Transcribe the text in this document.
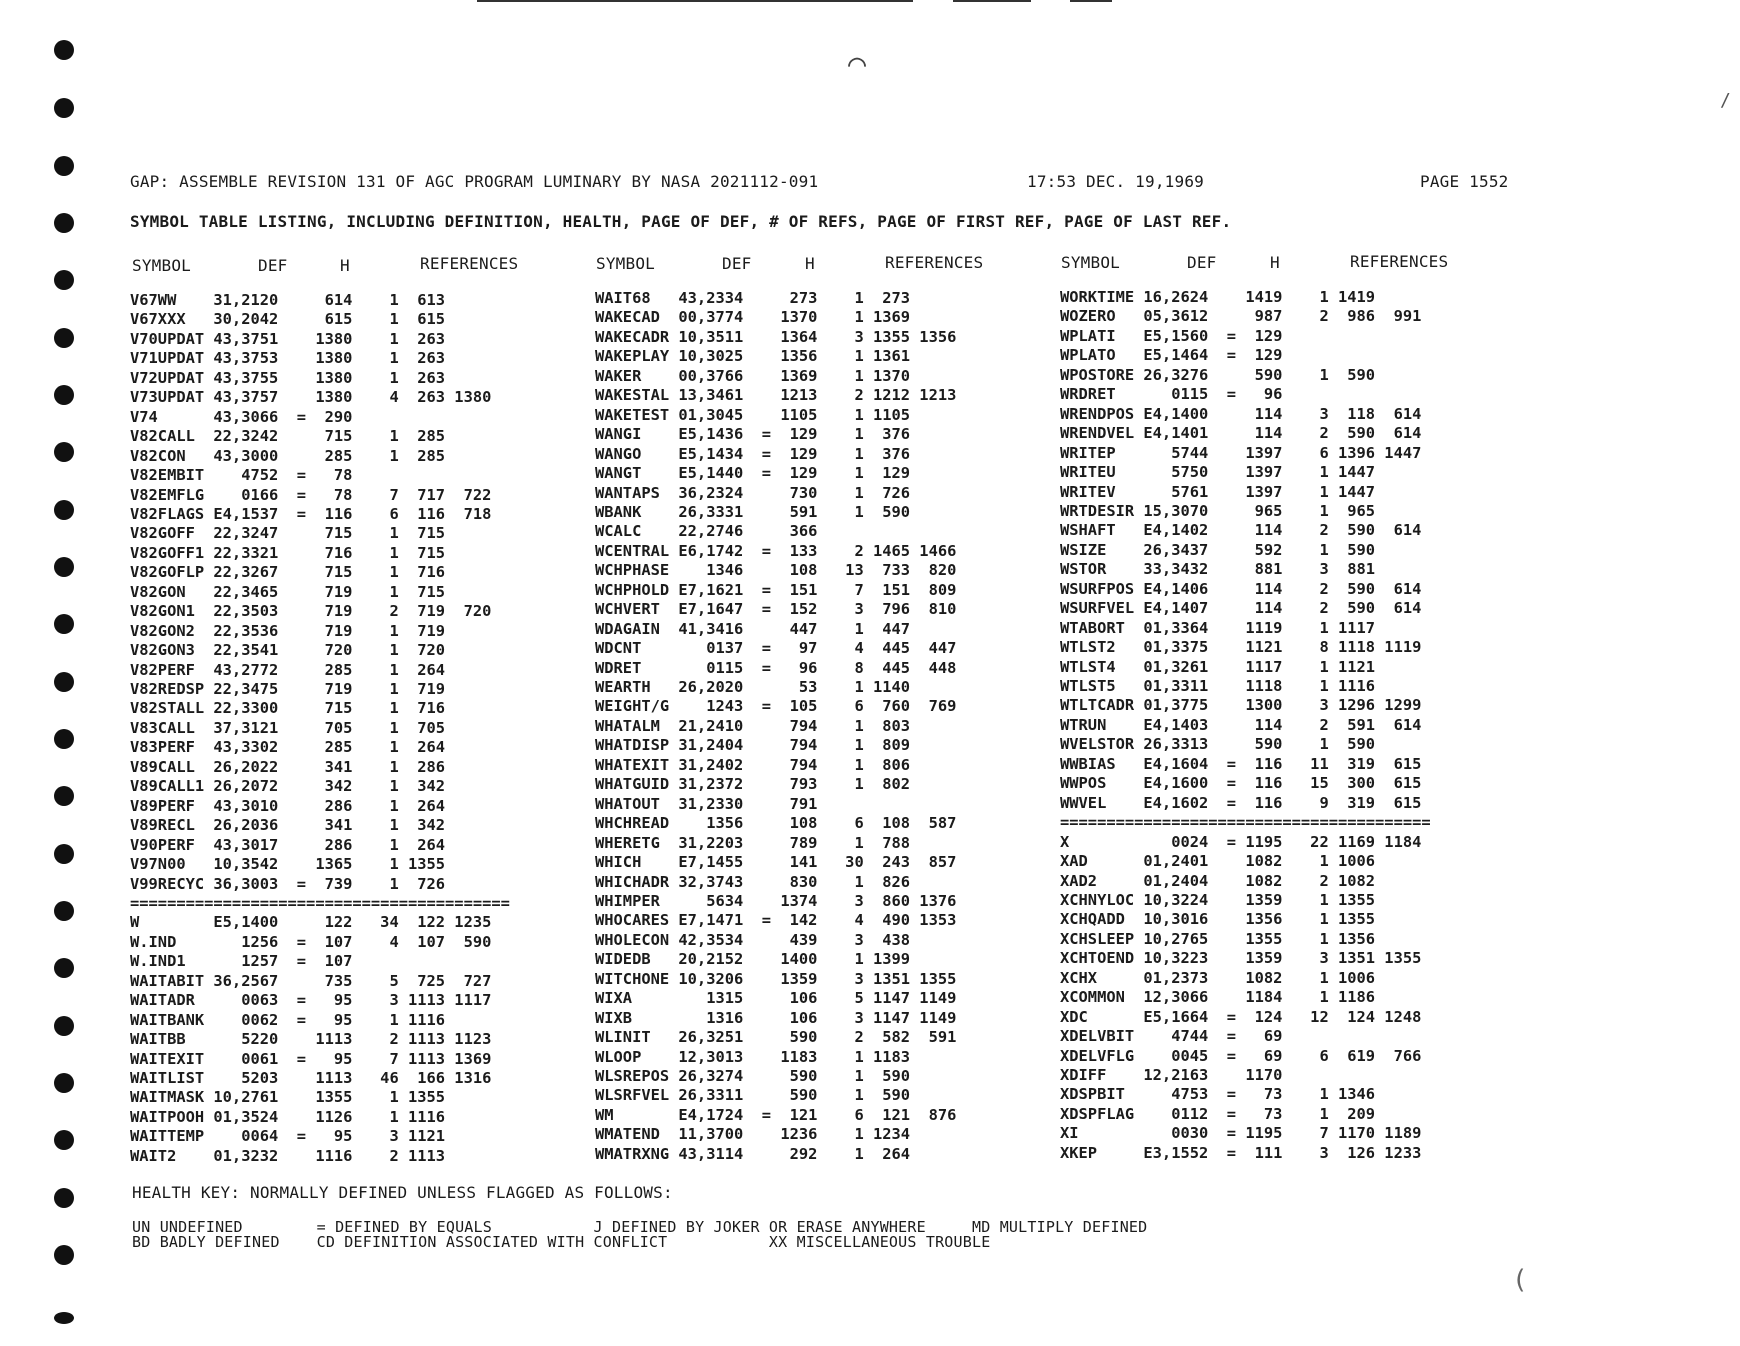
GAP: ASSEMBLE REVISION 131 OF AGC PROGRAM LUMINARY BY NASA 2021112-091	17:53 DEC. 19,1969	PAGE 1552
SYMBOL TABLE LISTING, INCLUDING DEFINITION, HEALTH, PAGE OF DEF, # OF REFS, PAGE OF FIRST REF, PAGE OF LAST REF.
SYMBOL	DEF	H	REFERENCES	SYMBOL	DEF	H	REFERENCES	SYMBOL	DEF	H	REFERENCES
V67WW    31,2120     614    1  613
V67XXX   30,2042     615    1  615
V70UPDAT 43,3751    1380    1  263
V71UPDAT 43,3753    1380    1  263
V72UPDAT 43,3755    1380    1  263
V73UPDAT 43,3757    1380    4  263 1380
V74      43,3066  =  290
V82CALL  22,3242     715    1  285
V82CON   43,3000     285    1  285
V82EMBIT    4752  =   78
V82EMFLG    0166  =   78    7  717  722
V82FLAGS E4,1537  =  116    6  116  718
V82GOFF  22,3247     715    1  715
V82GOFF1 22,3321     716    1  715
V82GOFLP 22,3267     715    1  716
V82GON   22,3465     719    1  715
V82GON1  22,3503     719    2  719  720
V82GON2  22,3536     719    1  719
V82GON3  22,3541     720    1  720
V82PERF  43,2772     285    1  264
V82REDSP 22,3475     719    1  719
V82STALL 22,3300     715    1  716
V83CALL  37,3121     705    1  705
V83PERF  43,3302     285    1  264
V89CALL  26,2022     341    1  286
V89CALL1 26,2072     342    1  342
V89PERF  43,3010     286    1  264
V89RECL  26,2036     341    1  342
V90PERF  43,3017     286    1  264
V97N00   10,3542    1365    1 1355
V99RECYC 36,3003  =  739    1  726
=========================================
W        E5,1400     122   34  122 1235
W.IND       1256  =  107    4  107  590
W.IND1      1257  =  107
WAITABIT 36,2567     735    5  725  727
WAITADR     0063  =   95    3 1113 1117
WAITBANK    0062  =   95    1 1116
WAITBB      5220    1113    2 1113 1123
WAITEXIT    0061  =   95    7 1113 1369
WAITLIST    5203    1113   46  166 1316
WAITMASK 10,2761    1355    1 1355
WAITPOOH 01,3524    1126    1 1116
WAITTEMP    0064  =   95    3 1121
WAIT2    01,3232    1116    2 1113
WAIT68   43,2334     273    1  273
WAKECAD  00,3774    1370    1 1369
WAKECADR 10,3511    1364    3 1355 1356
WAKEPLAY 10,3025    1356    1 1361
WAKER    00,3766    1369    1 1370
WAKESTAL 13,3461    1213    2 1212 1213
WAKETEST 01,3045    1105    1 1105
WANGI    E5,1436  =  129    1  376
WANGO    E5,1434  =  129    1  376
WANGT    E5,1440  =  129    1  129
WANTAPS  36,2324     730    1  726
WBANK    26,3331     591    1  590
WCALC    22,2746     366
WCENTRAL E6,1742  =  133    2 1465 1466
WCHPHASE    1346     108   13  733  820
WCHPHOLD E7,1621  =  151    7  151  809
WCHVERT  E7,1647  =  152    3  796  810
WDAGAIN  41,3416     447    1  447
WDCNT       0137  =   97    4  445  447
WDRET       0115  =   96    8  445  448
WEARTH   26,2020      53    1 1140
WEIGHT/G    1243  =  105    6  760  769
WHATALM  21,2410     794    1  803
WHATDISP 31,2404     794    1  809
WHATEXIT 31,2402     794    1  806
WHATGUID 31,2372     793    1  802
WHATOUT  31,2330     791
WHCHREAD    1356     108    6  108  587
WHERETG  31,2203     789    1  788
WHICH    E7,1455     141   30  243  857
WHICHADR 32,3743     830    1  826
WHIMPER     5634    1374    3  860 1376
WHOCARES E7,1471  =  142    4  490 1353
WHOLECON 42,3534     439    3  438
WIDEDB   20,2152    1400    1 1399
WITCHONE 10,3206    1359    3 1351 1355
WIXA        1315     106    5 1147 1149
WIXB        1316     106    3 1147 1149
WLINIT   26,3251     590    2  582  591
WLOOP    12,3013    1183    1 1183
WLSREPOS 26,3274     590    1  590
WLSRFVEL 26,3311     590    1  590
WM       E4,1724  =  121    6  121  876
WMATEND  11,3700    1236    1 1234
WMATRXNG 43,3114     292    1  264
WORKTIME 16,2624    1419    1 1419
WOZERO   05,3612     987    2  986  991
WPLATI   E5,1560  =  129
WPLATO   E5,1464  =  129
WPOSTORE 26,3276     590    1  590
WRDRET      0115  =   96
WRENDPOS E4,1400     114    3  118  614
WRENDVEL E4,1401     114    2  590  614
WRITEP      5744    1397    6 1396 1447
WRITEU      5750    1397    1 1447
WRITEV      5761    1397    1 1447
WRTDESIR 15,3070     965    1  965
WSHAFT   E4,1402     114    2  590  614
WSIZE    26,3437     592    1  590
WSTOR    33,3432     881    3  881
WSURFPOS E4,1406     114    2  590  614
WSURFVEL E4,1407     114    2  590  614
WTABORT  01,3364    1119    1 1117
WTLST2   01,3375    1121    8 1118 1119
WTLST4   01,3261    1117    1 1121
WTLST5   01,3311    1118    1 1116
WTLTCADR 01,3775    1300    3 1296 1299
WTRUN    E4,1403     114    2  591  614
WVELSTOR 26,3313     590    1  590
WWBIAS   E4,1604  =  116   11  319  615
WWPOS    E4,1600  =  116   15  300  615
WWVEL    E4,1602  =  116    9  319  615
========================================
X           0024  = 1195   22 1169 1184
XAD      01,2401    1082    1 1006
XAD2     01,2404    1082    2 1082
XCHNYLOC 10,3224    1359    1 1355
XCHQADD  10,3016    1356    1 1355
XCHSLEEP 10,2765    1355    1 1356
XCHTOEND 10,3223    1359    3 1351 1355
XCHX     01,2373    1082    1 1006
XCOMMON  12,3066    1184    1 1186
XDC      E5,1664  =  124   12  124 1248
XDELVBIT    4744  =   69
XDELVFLG    0045  =   69    6  619  766
XDIFF    12,2163    1170
XDSPBIT     4753  =   73    1 1346
XDSPFLAG    0112  =   73    1  209
XI          0030  = 1195    7 1170 1189
XKEP     E3,1552  =  111    3  126 1233
HEALTH KEY: NORMALLY DEFINED UNLESS FLAGGED AS FOLLOWS:
UN UNDEFINED        = DEFINED BY EQUALS           J DEFINED BY JOKER OR ERASE ANYWHERE     MD MULTIPLY DEFINED
BD BADLY DEFINED    CD DEFINITION ASSOCIATED WITH CONFLICT           XX MISCELLANEOUS TROUBLE
⌒
(
/
